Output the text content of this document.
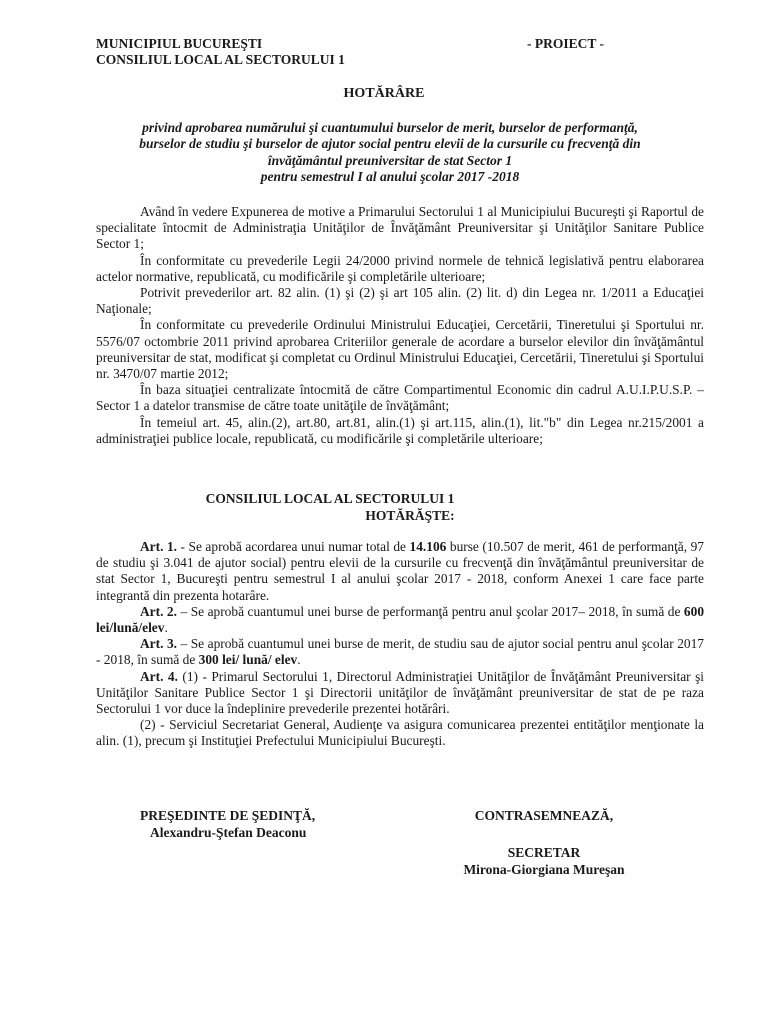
MUNICIPIUL BUCUREŞTI
CONSILIUL LOCAL AL SECTORULUI 1
- PROIECT -
HOTĂRÂRE
privind aprobarea numărului şi cuantumului burselor de merit, burselor de performanţă,
burselor de studiu şi burselor de ajutor social pentru elevii de la cursurile cu frecvenţă din
învăţământul preuniversitar de stat Sector 1
pentru semestrul I al anului şcolar 2017 -2018

Având în vedere Expunerea de motive a Primarului Sectorului 1 al Municipiului Bucureşti şi Raportul de specialitate întocmit de Administraţia Unităţilor de Învăţământ Preuniversitar şi Unităţilor Sanitare Publice Sector 1;

În conformitate cu prevederile Legii 24/2000 privind normele de tehnică legislativă pentru elaborarea actelor normative, republicată, cu modificările şi completările ulterioare;

Potrivit prevederilor art. 82 alin. (1) şi (2) şi art 105 alin. (2) lit. d) din Legea nr. 1/2011 a Educaţiei Naţionale;

În conformitate cu prevederile Ordinului Ministrului Educaţiei, Cercetării, Tineretului şi Sportului nr. 5576/07 octombrie 2011 privind aprobarea Criteriilor generale de acordare a burselor elevilor din învăţământul preuniversitar de stat, modificat şi completat cu Ordinul Ministrului Educaţiei, Cercetării, Tineretului şi Sportului nr. 3470/07 martie 2012;

În baza situaţiei centralizate întocmită de către Compartimentul Economic din cadrul A.U.I.P.U.S.P. – Sector 1 a datelor transmise de către toate unităţile de învăţământ;

În temeiul art. 45, alin.(2), art.80, art.81, alin.(1) şi art.115, alin.(1), lit."b" din Legea nr.215/2001 a administraţiei publice locale, republicată, cu modificările şi completările ulterioare;

CONSILIUL LOCAL AL SECTORULUI 1
HOTĂRĂŞTE:

Art. 1. - Se aprobă acordarea unui numar total de 14.106 burse (10.507 de merit, 461 de performanţă, 97 de studiu şi 3.041 de ajutor social) pentru elevii de la cursurile cu frecvenţă din învăţământul preuniversitar de stat Sector 1, Bucureşti pentru semestrul I al anului şcolar 2017 - 2018, conform Anexei 1 care face parte integrantă din prezenta hotarâre.

Art. 2. – Se aprobă cuantumul unei burse de performanţă pentru anul şcolar 2017– 2018, în sumă de 600 lei/lună/elev.

Art. 3. – Se aprobă cuantumul unei burse de merit, de studiu sau de ajutor social pentru anul şcolar 2017 - 2018, în sumă de 300 lei/ lună/ elev.

Art. 4. (1) - Primarul Sectorului 1, Directorul Administraţiei Unităţilor de Învăţământ Preuniversitar şi Unităţilor Sanitare Publice Sector 1 şi Directorii unităţilor de învăţământ preuniversitar de stat de pe raza Sectorului 1 vor duce la îndeplinire prevederile prezentei hotărâri.

(2) - Serviciul Secretariat General, Audienţe va asigura comunicarea prezentei entităţilor menţionate la alin. (1), precum şi Instituţiei Prefectului Municipiului Bucureşti.

PREŞEDINTE DE ŞEDINŢĂ,
Alexandru-Ştefan Deaconu
CONTRASEMNEAZĂ,
SECRETAR
Mirona-Giorgiana Mureşan
